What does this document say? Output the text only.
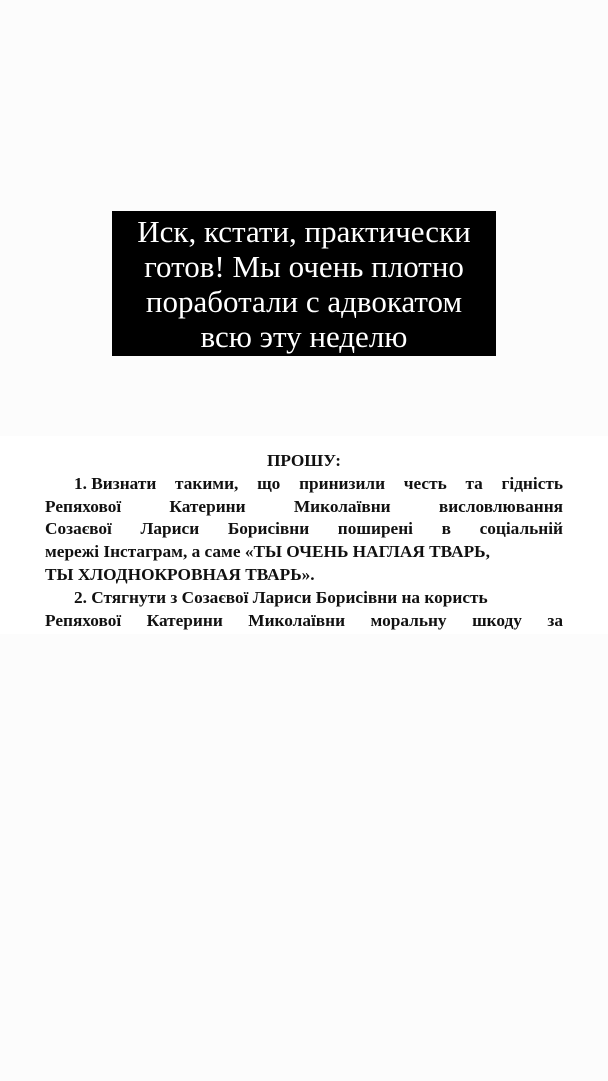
Иск, кстати, практически
готов! Мы очень плотно
поработали с адвокатом
всю эту неделю
ПРОШУ:
1. Визнати такими, що принизили честь та гідність
Репяхової	Катерини	Миколаївни	висловлювання
Созаєвої Лариси Борисівни поширені в соціальній
мережі Інстаграм, а саме «ТЫ ОЧЕНЬ НАГЛАЯ ТВАРЬ,
ТЫ ХЛОДНОКРОВНАЯ ТВАРЬ».
2. Стягнути з Созаєвої Лариси Борисівни на користь
Репяхової Катерини Миколаївни моральну шкоду за
